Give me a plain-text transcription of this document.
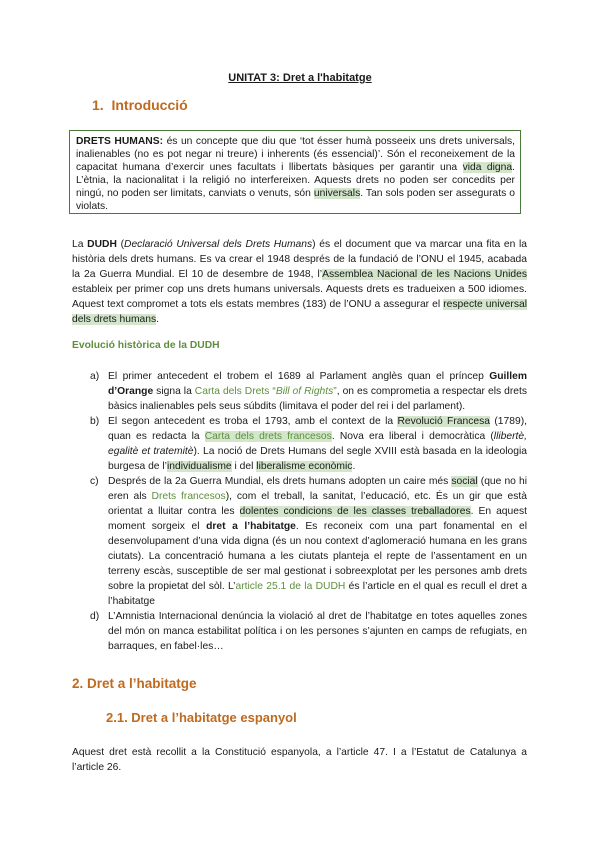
UNITAT 3: Dret a l'habitatge
1. Introducció
DRETS HUMANS: és un concepte que diu que ‘tot ésser humà posseeix uns drets universals, inalienables (no es pot negar ni treure) i inherents (és essencial)’. Són el reconeixement de la capacitat humana d’exercir unes facultats i llibertats bàsiques per garantir una vida digna. L’ètnia, la nacionalitat i la religió no interfereixen. Aquests drets no poden ser concedits per ningú, no poden ser limitats, canviats o venuts, són universals. Tan sols poden ser assegurats o violats.
La DUDH (Declaració Universal dels Drets Humans) és el document que va marcar una fita en la història dels drets humans. Es va crear el 1948 després de la fundació de l’ONU el 1945, acabada la 2a Guerra Mundial. El 10 de desembre de 1948, l’Assemblea Nacional de les Nacions Unides estableix per primer cop uns drets humans universals. Aquests drets es tradueixen a 500 idiomes. Aquest text compromet a tots els estats membres (183) de l’ONU a assegurar el respecte universal dels drets humans.
Evolució històrica de la DUDH
a) El primer antecedent el trobem el 1689 al Parlament anglès quan el príncep Guillem d’Orange signa la Carta dels Drets “Bill of Rights”, on es comprometia a respectar els drets bàsics inalienables pels seus súbdits (limitava el poder del rei i del parlament).
b) El segon antecedent es troba el 1793, amb el context de la Revolució Francesa (1789), quan es redacta la Carta dels drets francesos. Nova era liberal i democràtica (llibertè, egalitè et tratemitè). La noció de Drets Humans del segle XVIII està basada en la ideologia burgesa de l’individualisme i del liberalisme econòmic.
c) Després de la 2a Guerra Mundial, els drets humans adopten un caire més social (que no hi eren als Drets francesos), com el treball, la sanitat, l’educació, etc. És un gir que està orientat a lluitar contra les dolentes condicions de les classes treballadores. En aquest moment sorgeix el dret a l’habitatge. Es reconeix com una part fonamental en el desenvolupament d’una vida digna (és un nou context d’aglomeració humana en les grans ciutats). La concentració humana a les ciutats planteja el repte de l’assentament en un terreny escàs, susceptible de ser mal gestionat i sobreexplotat per les persones amb drets sobre la propietat del sòl. L’article 25.1 de la DUDH és l’article en el qual es recull el dret a l’habitatge
d) L’Amnistia Internacional denúncia la violació al dret de l’habitatge en totes aquelles zones del món on manca estabilitat política i on les persones s’ajunten en camps de refugiats, en barraques, en fabel·les…
2. Dret a l’habitatge
2.1. Dret a l’habitatge espanyol
Aquest dret està recollit a la Constitució espanyola, a l’article 47. I a l’Estatut de Catalunya a l’article 26.
